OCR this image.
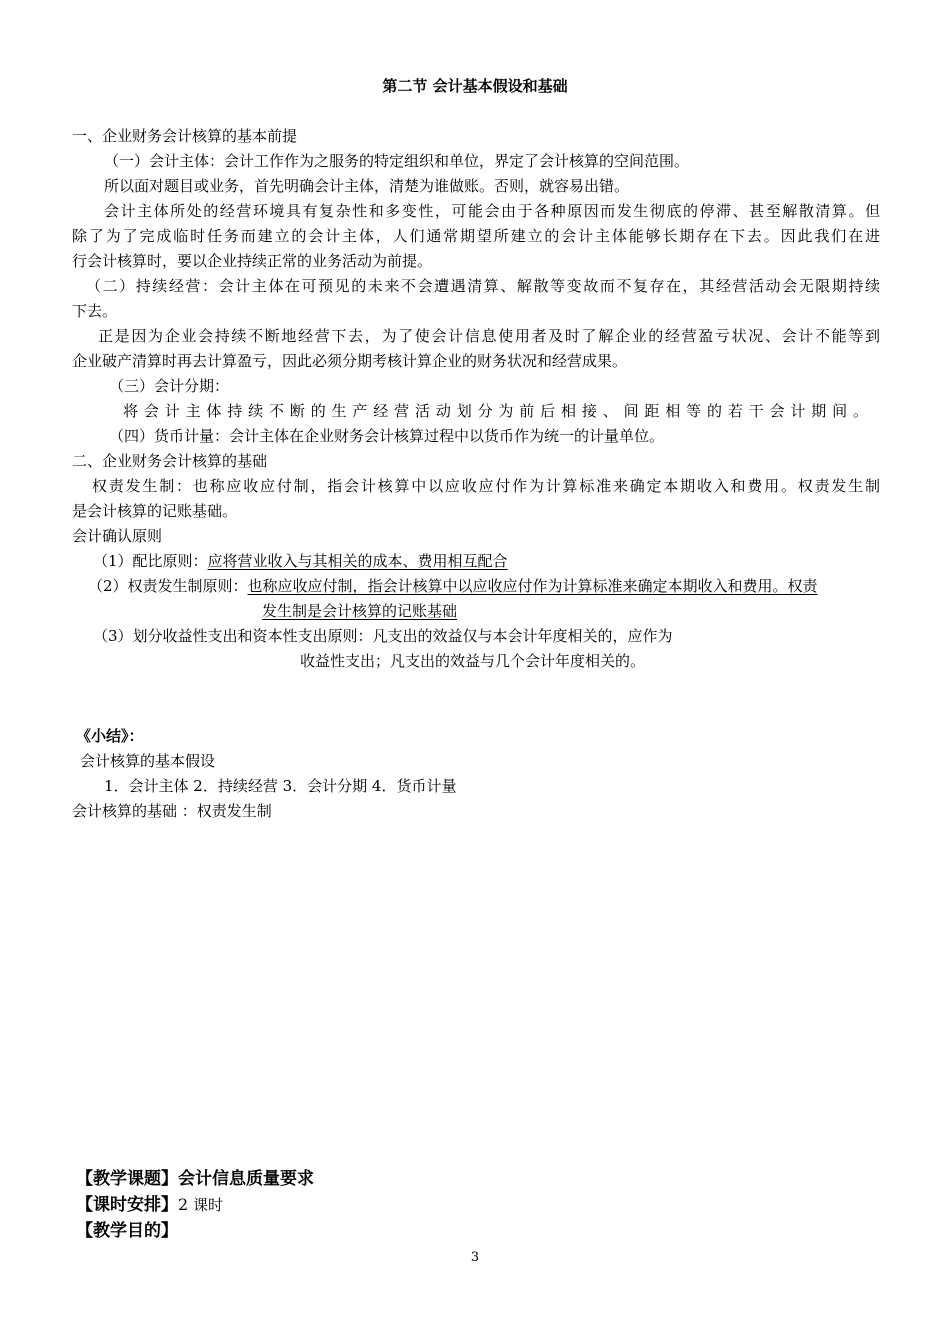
第二节 会计基本假设和基础
一、企业财务会计核算的基本前提
（一）会计主体：会计工作作为之服务的特定组织和单位，界定了会计核算的空间范围。
所以面对题目或业务，首先明确会计主体，清楚为谁做账。否则，就容易出错。
会计主体所处的经营环境具有复杂性和多变性，可能会由于各种原因而发生彻底的停滞、甚至解散清算。但
除了为了完成临时任务而建立的会计主体，人们通常期望所建立的会计主体能够长期存在下去。因此我们在进
行会计核算时，要以企业持续正常的业务活动为前提。
（二）持续经营：会计主体在可预见的未来不会遭遇清算、解散等变故而不复存在，其经营活动会无限期持续
下去。
正是因为企业会持续不断地经营下去，为了使会计信息使用者及时了解企业的经营盈亏状况、会计不能等到
企业破产清算时再去计算盈亏，因此必须分期考核计算企业的财务状况和经营成果。
（三）会计分期：
将会计主体持续不断的生产经营活动划分为前后相接、间距相等的若干会计期间。
（四）货币计量：会计主体在企业财务会计核算过程中以货币作为统一的计量单位。
二、企业财务会计核算的基础
权责发生制：也称应收应付制，指会计核算中以应收应付作为计算标准来确定本期收入和费用。权责发生制
是会计核算的记账基础。
会计确认原则
（1）配比原则：应将营业收入与其相关的成本、费用相互配合
（2）权责发生制原则：也称应收应付制，指会计核算中以应收应付作为计算标准来确定本期收入和费用。权责
发生制是会计核算的记账基础
（3）划分收益性支出和资本性支出原则：凡支出的效益仅与本会计年度相关的，应作为
收益性支出；凡支出的效益与几个会计年度相关的。
《小结》：
会计核算的基本假设
1．会计主体 2．持续经营 3．会计分期 4．货币计量
会计核算的基础 ：权责发生制
【教学课题】会计信息质量要求
【课时安排】2 课时
【教学目的】
3
